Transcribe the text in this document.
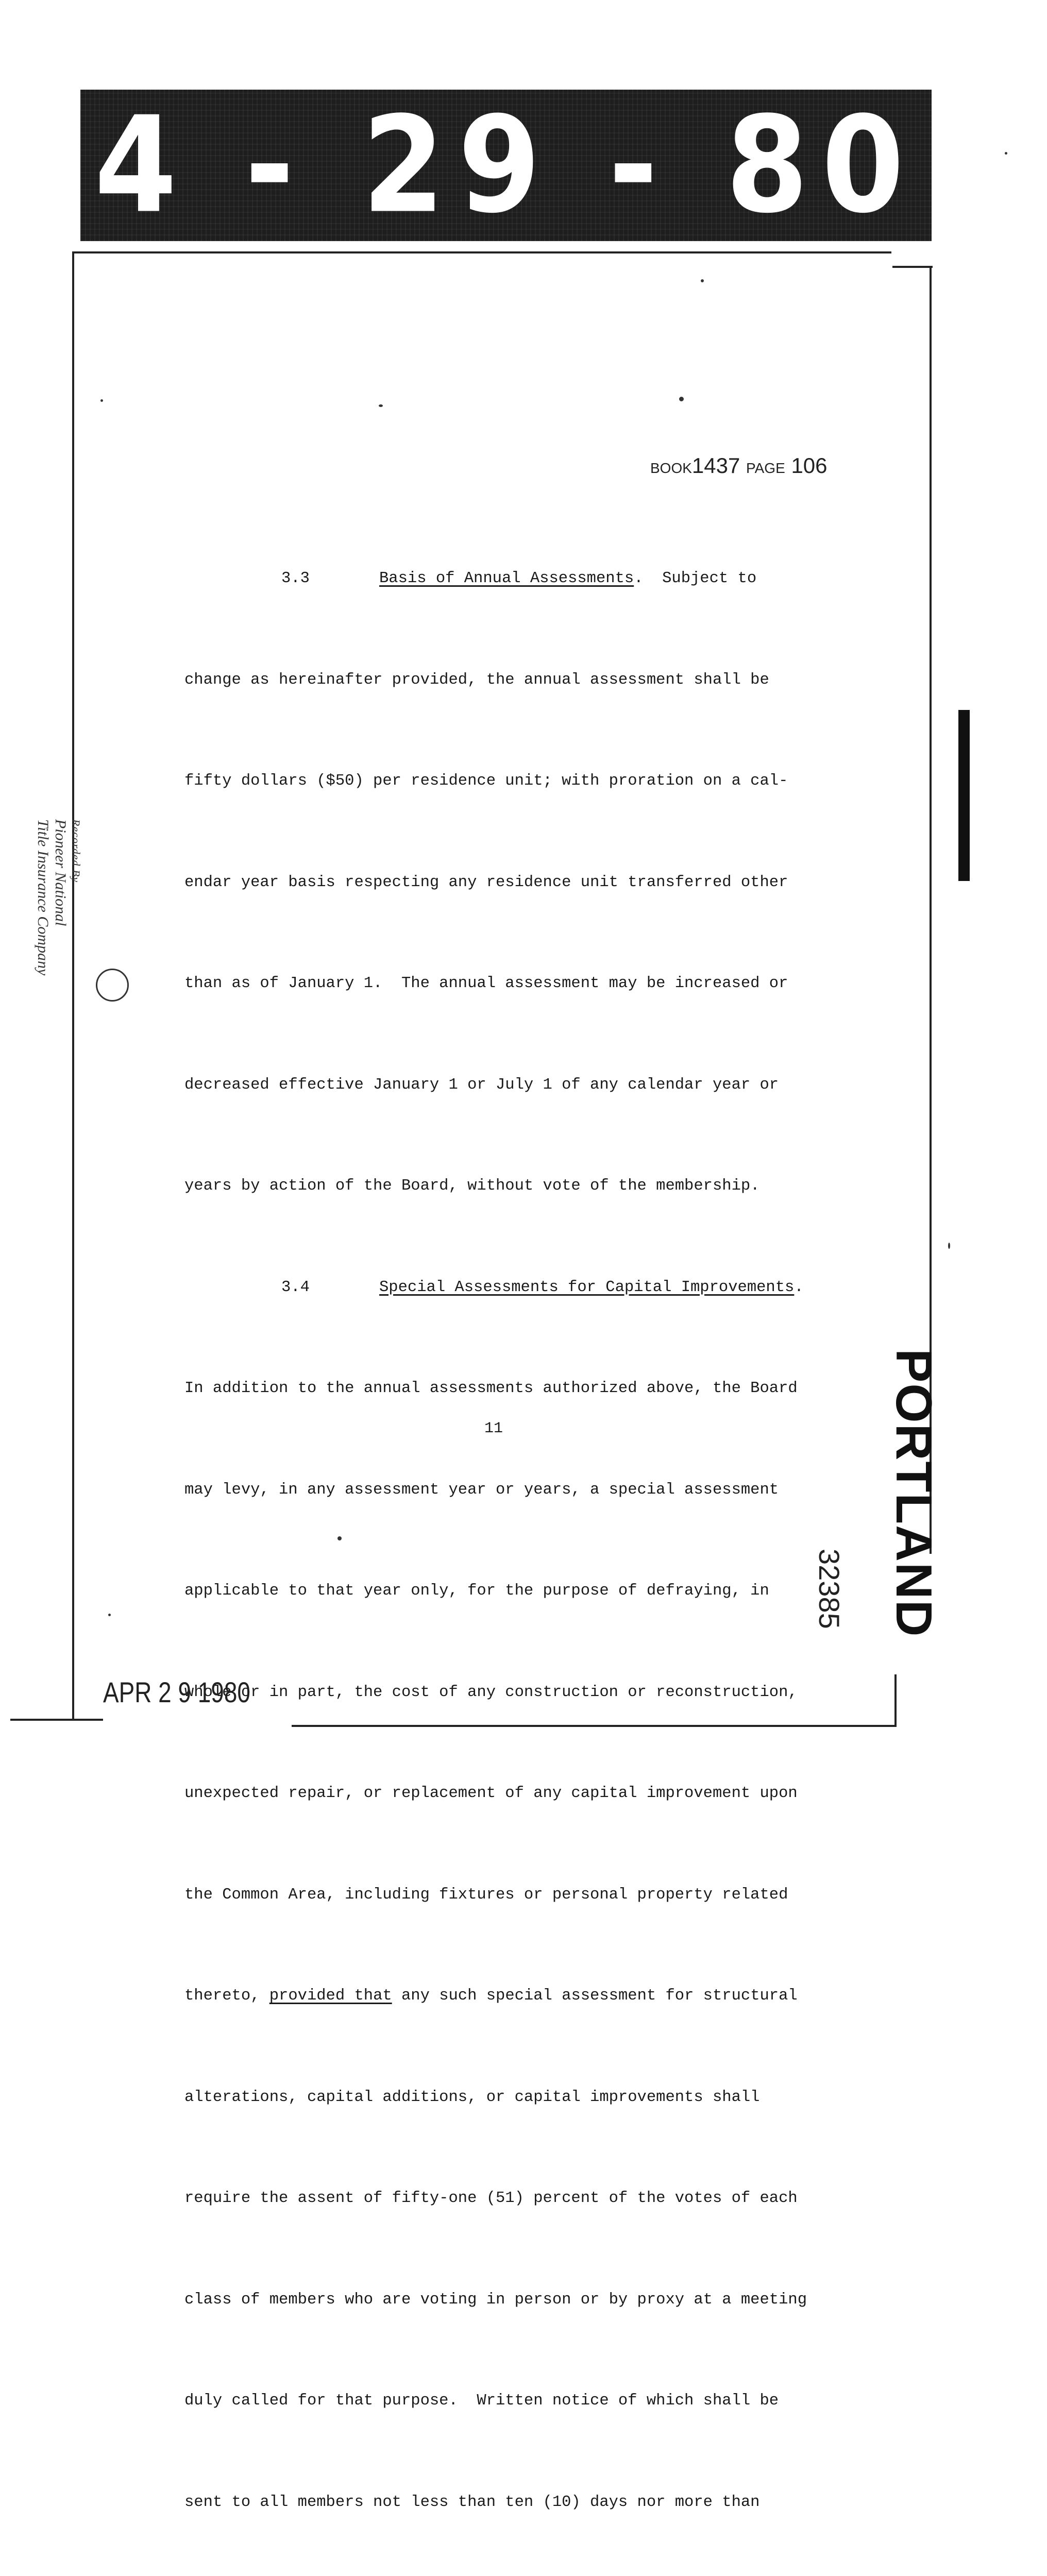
4 - 29 - 80
BOOK1437 PAGE 106

3.3	Basis of Annual Assessments.  Subject to

change as hereinafter provided, the annual assessment shall be

fifty dollars ($50) per residence unit; with proration on a cal-

endar year basis respecting any residence unit transferred other

than as of January 1.  The annual assessment may be increased or

decreased effective January 1 or July 1 of any calendar year or

years by action of the Board, without vote of the membership.

3.4	Special Assessments for Capital Improvements.

In addition to the annual assessments authorized above, the Board

may levy, in any assessment year or years, a special assessment

applicable to that year only, for the purpose of defraying, in

whole or in part, the cost of any construction or reconstruction,

unexpected repair, or replacement of any capital improvement upon

the Common Area, including fixtures or personal property related

thereto, provided that any such special assessment for structural

alterations, capital additions, or capital improvements shall

require the assent of fifty-one (51) percent of the votes of each

class of members who are voting in person or by proxy at a meeting

duly called for that purpose.  Written notice of which shall be

sent to all members not less than ten (10) days nor more than

11
Recorded By
Pioneer National
Title Insurance Company
PORTLAND
32385
APR 2 9 1980
